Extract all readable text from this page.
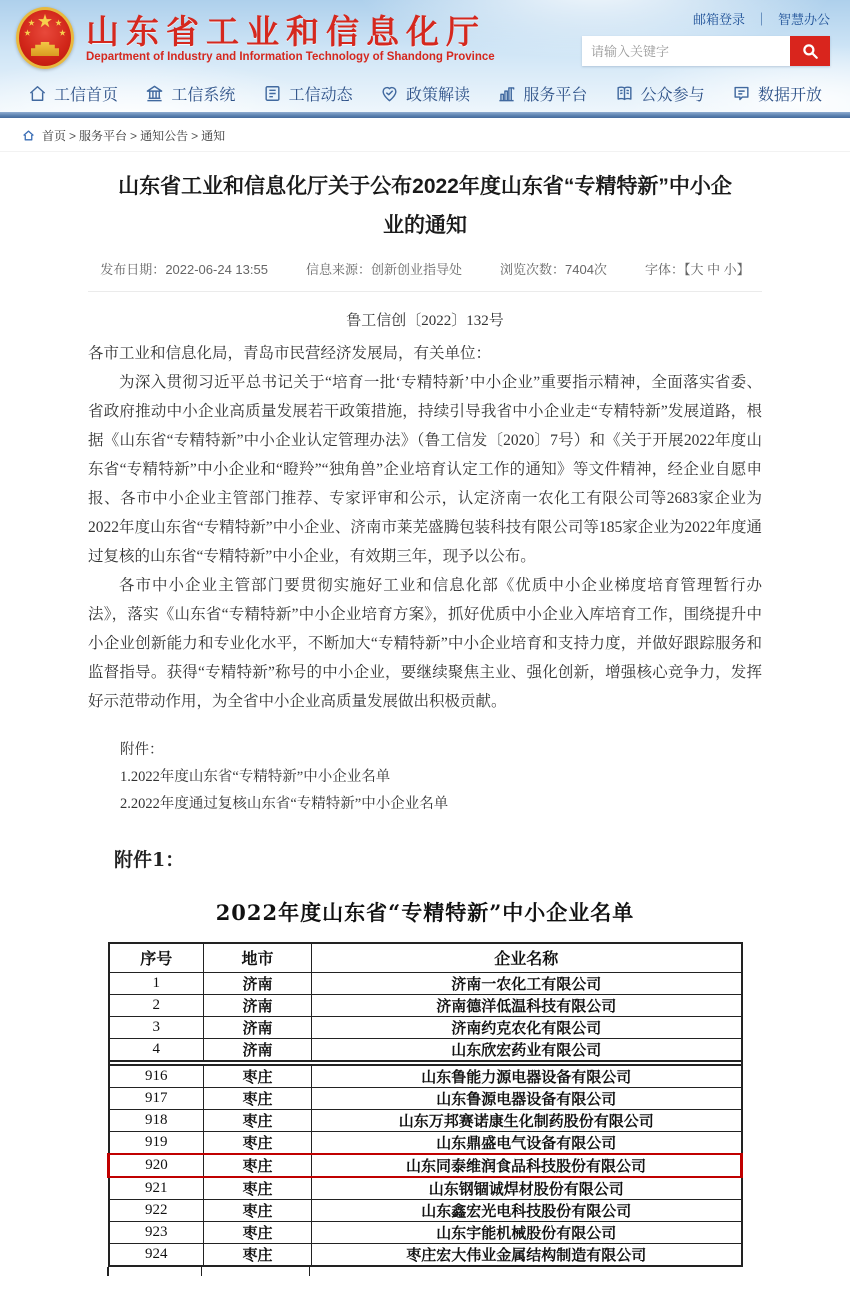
邮箱登录 ｜ 智慧办公
★
★	★
★	★ 山东省工业和信息化厅
Department of Industry and Information Technology of Shandong Province
请输入关键字
工信首页	工信系统	工信动态	政策解读	服务平台	公众参与	数据开放
首页 > 服务平台 > 通知公告 > 通知
山东省工业和信息化厅关于公布2022年度山东省“专精特新”中小企业的通知
发布日期：2022-06-24 13:55	信息来源：创新创业指导处	浏览次数：7404次	字体：【大 中 小】
鲁工信创〔2022〕132号

各市工业和信息化局，青岛市民营经济发展局，有关单位：

为深入贯彻习近平总书记关于“培育一批‘专精特新’中小企业”重要指示精神，全面落实省委、省政府推动中小企业高质量发展若干政策措施，持续引导我省中小企业走“专精特新”发展道路，根据《山东省“专精特新”中小企业认定管理办法》（鲁工信发〔2020〕7号）和《关于开展2022年度山东省“专精特新”中小企业和“瞪羚”“独角兽”企业培育认定工作的通知》等文件精神，经企业自愿申报、各市中小企业主管部门推荐、专家评审和公示，认定济南一农化工有限公司等2683家企业为2022年度山东省“专精特新”中小企业、济南市莱芜盛腾包装科技有限公司等185家企业为2022年度通过复核的山东省“专精特新”中小企业，有效期三年，现予以公布。

各市中小企业主管部门要贯彻实施好工业和信息化部《优质中小企业梯度培育管理暂行办法》，落实《山东省“专精特新”中小企业培育方案》，抓好优质中小企业入库培育工作，围绕提升中小企业创新能力和专业化水平，不断加大“专精特新”中小企业培育和支持力度，并做好跟踪服务和监督指导。获得“专精特新”称号的中小企业，要继续聚焦主业、强化创新，增强核心竞争力，发挥好示范带动作用，为全省中小企业高质量发展做出积极贡献。

附件：
1.2022年度山东省“专精特新”中小企业名单
2.2022年度通过复核山东省“专精特新”中小企业名单
附件1：
2022年度山东省“专精特新”中小企业名单
序号	地市	企业名称
1	济南	济南一农化工有限公司
2	济南	济南德洋低温科技有限公司
3	济南	济南约克农化有限公司
4	济南	山东欣宏药业有限公司

916	枣庄	山东鲁能力源电器设备有限公司
917	枣庄	山东鲁源电器设备有限公司
918	枣庄	山东万邦赛诺康生化制药股份有限公司
919	枣庄	山东鼎盛电气设备有限公司
920	枣庄	山东同泰维润食品科技股份有限公司
921	枣庄	山东钢锢诚焊材股份有限公司
922	枣庄	山东鑫宏光电科技股份有限公司
923	枣庄	山东宇能机械股份有限公司
924	枣庄	枣庄宏大伟业金属结构制造有限公司
